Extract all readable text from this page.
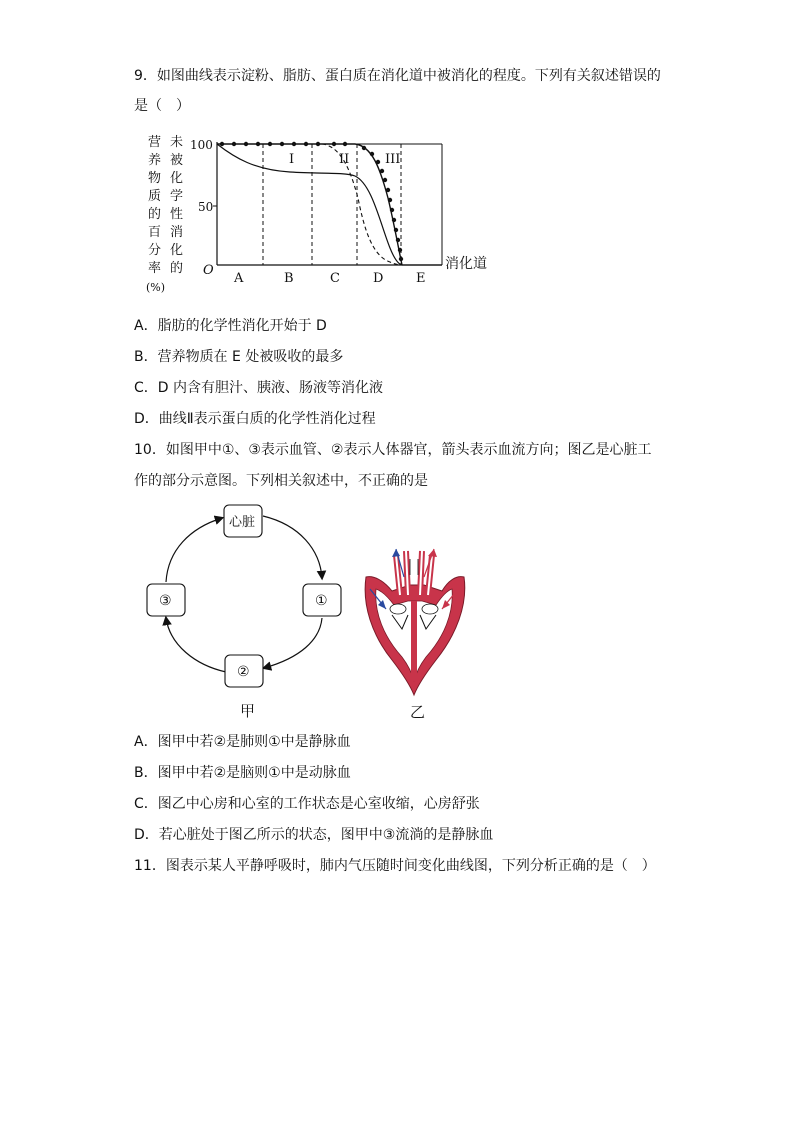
9．如图曲线表示淀粉、脂肪、蛋白质在消化道中被消化的程度。下列有关叙述错误的
是（　）
营
养
物
质
的
百
分
率
未
被
化
学
性
消
化
的
(%)
100
50
O
A	B	C	D	E
I	II	III
消化道
A．脂肪的化学性消化开始于 D
B．营养物质在 E 处被吸收的最多
C．D 内含有胆汁、胰液、肠液等消化液
D．曲线Ⅱ表示蛋白质的化学性消化过程
10．如图甲中①、③表示血管、②表示人体器官，箭头表示血流方向；图乙是心脏工
作的部分示意图。下列相关叙述中，不正确的是
心脏
①
②
③
甲	乙
A．图甲中若②是肺则①中是静脉血
B．图甲中若②是脑则①中是动脉血
C．图乙中心房和心室的工作状态是心室收缩，心房舒张
D．若心脏处于图乙所示的状态，图甲中③流淌的是静脉血
11．图表示某人平静呼吸时，肺内气压随时间变化曲线图，下列分析正确的是（　）
